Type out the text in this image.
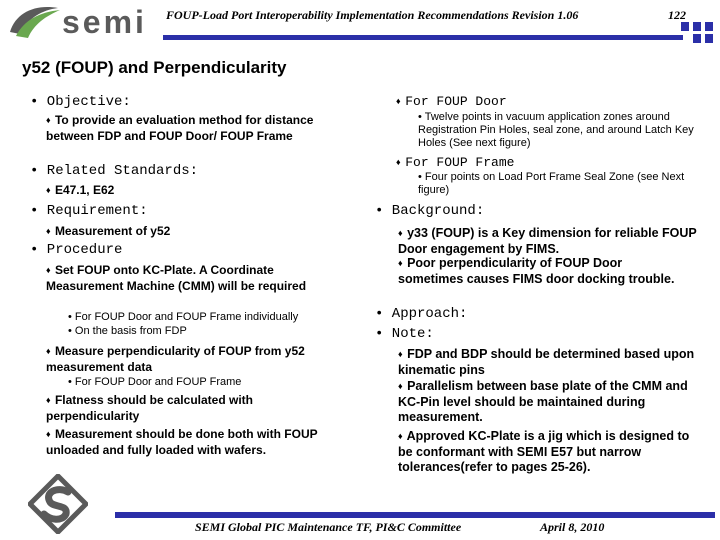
semi FOUP-Load Port Interoperability Implementation Recommendations Revision 1.06	122
y52 (FOUP) and Perpendicularity
• Objective:
♦ To provide an evaluation method for distance between FDP and FOUP Door/ FOUP Frame
• Related Standards:
♦ E47.1, E62
• Requirement:
♦ Measurement of y52
• Procedure
♦ Set FOUP onto KC-Plate. A Coordinate Measurement Machine (CMM) will be required
• For FOUP Door and FOUP Frame individually
• On the basis from FDP
♦ Measure perpendicularity of FOUP from y52 measurement data
• For FOUP Door and FOUP Frame
♦ Flatness should be calculated with perpendicularity
♦ Measurement should be done both with FOUP unloaded and fully loaded with wafers.
♦ For FOUP Door
• Twelve points in vacuum application zones around Registration Pin Holes, seal zone, and around Latch Key Holes (See next figure)
♦ For FOUP Frame
• Four points on Load Port Frame Seal Zone (see Next figure)
• Background:
♦ y33 (FOUP) is a Key dimension for reliable FOUP Door engagement by FIMS.
♦ Poor perpendicularity of FOUP Door sometimes causes FIMS door docking trouble.
• Approach:
• Note:
♦ FDP and BDP should be determined based upon kinematic pins
♦ Parallelism between base plate of the CMM and KC-Pin level should be maintained during measurement.
♦ Approved KC-Plate is a jig which is designed to be conformant with SEMI E57 but narrow tolerances(refer to pages 25-26).
SEMI Global PIC Maintenance TF, PI&C Committee	April 8, 2010
